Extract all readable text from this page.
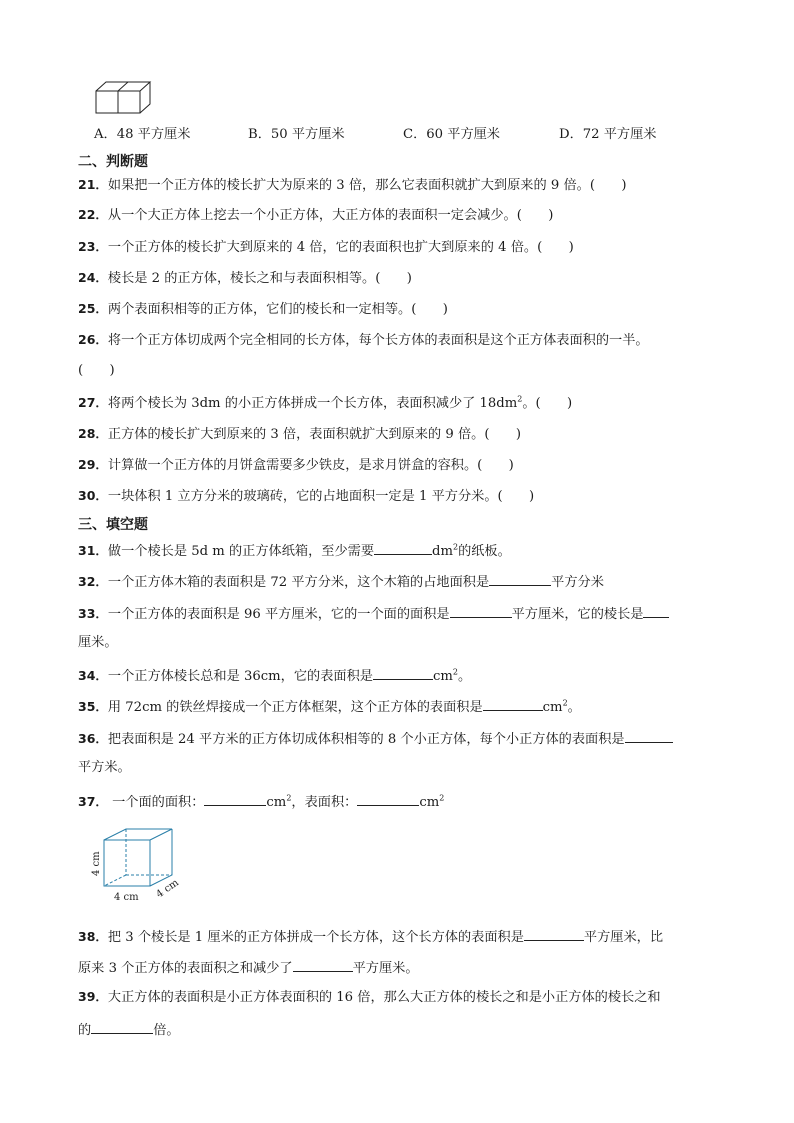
A．48 平方厘米	B．50 平方厘米	C．60 平方厘米	D．72 平方厘米
二、判断题
21．如果把一个正方体的棱长扩大为原来的 3 倍，那么它表面积就扩大到原来的 9 倍。(　　)
22．从一个大正方体上挖去一个小正方体，大正方体的表面积一定会减少。(　　)
23．一个正方体的棱长扩大到原来的 4 倍，它的表面积也扩大到原来的 4 倍。(　　)
24．棱长是 2 的正方体，棱长之和与表面积相等。(　　)
25．两个表面积相等的正方体，它们的棱长和一定相等。(　　)
26．将一个正方体切成两个完全相同的长方体，每个长方体的表面积是这个正方体表面积的一半。
(　　)
27．将两个棱长为 3dm 的小正方体拼成一个长方体，表面积减少了 $18dm^2$。(　　)
28．正方体的棱长扩大到原来的 3 倍，表面积就扩大到原来的 9 倍。(　　)
29．计算做一个正方体的月饼盒需要多少铁皮，是求月饼盒的容积。(　　)
30．一块体积 1 立方分米的玻璃砖，它的占地面积一定是 1 平方分米。(　　)
三、填空题
31．做一个棱长是 5d m 的正方体纸箱，至少需要	$dm^2$的纸板。
32．一个正方体木箱的表面积是 72 平方分米，这个木箱的占地面积是	平方分米
33．一个正方体的表面积是 96 平方厘米，它的一个面的面积是	平方厘米，它的棱长是
厘米。
34．一个正方体棱长总和是 36cm，它的表面积是	$cm^2$。
35．用 72cm 的铁丝焊接成一个正方体框架，这个正方体的表面积是	$cm^2$。
36．把表面积是 24 平方米的正方体切成体积相等的 8 个小正方体，每个小正方体的表面积是
平方米。
37． 一个面的面积：	$cm^2$，表面积：	$cm^2$
4 cm
4 cm 4 cm
38．把 3 个棱长是 1 厘米的正方体拼成一个长方体，这个长方体的表面积是	平方厘米，比
原来 3 个正方体的表面积之和减少了	平方厘米。
39．大正方体的表面积是小正方体表面积的 16 倍，那么大正方体的棱长之和是小正方体的棱长之和
的	倍。
